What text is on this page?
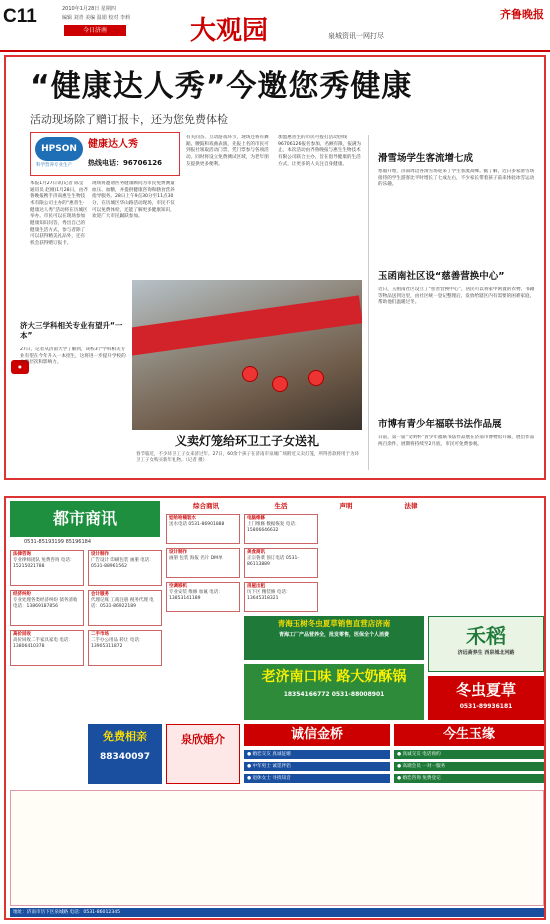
C11	2010年1月28日 星期四
编辑 刘青 美编 温娟 校对 李莉
今日济南	大观园	泉城资讯一网打尽
齐鲁晚报
“健康达人秀”今邀您秀健康
活动现场除了赠订报卡，还为您免费体检
HPSON
科学营养专业生产
健康达人秀
热线电话：96706126
本报1月27日讯(记者 陈莹 通讯员 赵刚)1月28日，由齐鲁晚报携手济南惠生生物技术有限公司主办的“惠普生·健康达人秀”活动将在历城区举办。市民可以在现场参加健康知识问答，秀出自己的健康生活方式，参与者除了可以获得精美礼品外，还有机会获得赠订报卡。
现场将邀请医务健康顾问为市民免费测量血压、血糖，并提供健康咨询和膳食营养指导服务。28日上午9点30分至11点30分，在历城区华山路活动现场，市民不仅可以免费体检，还能了解更多健康知识，欢迎广大市民踊跃参加。
有关问答、互动游戏环节，现场还将有舞蹈、腰鼓和戏曲表演，先报上名的市民可到报社领取活动门票，凭门票参与各项活动。同时将设立免费测试区域，为老年朋友提供更多便利。
加盟惠普生的市民可拨打活动热线96706126报名参加，名额有限，报满为止。本次活动由齐鲁晚报与惠生生物技术有限公司联合主办，旨在倡导健康的生活方式，让更多的人关注自身健康。
滑雪场学生客流增七成
寒假开始，济南周边各滑雪场迎来了学生客流高峰。据了解，近日多家滑雪场接待的学生游客比平时增长了七成左右，不少家长带着孩子前来体验冰雪运动的乐趣。
玉函南社区设“慈善营换中心”
近日，玉函南社区设立了“慈善营换中心”，居民可以将家中闲置的衣物、书籍等物品送到这里，由社区统一登记整理后，发放给辖区内有需要的困难家庭，帮助他们温暖过冬。
市博有青少年福联书法作品展
日前，第一届“文明杯”青少年福联书法作品展在济南市博物馆开幕，展出作品两百余件，展期将持续至2月底，市民可免费参观。
●
济大三学科相关专业有望升“一本”
27日，记者从济南大学了解到，该校3个学科相关专业有望在今年升入一本招生，这将进一步提升学校的办学层次和影响力。
义卖灯笼给环卫工子女送礼
春节临近，不少环卫工子女来济过年。27日，60余个孩子在济南市泉城广场附近义卖灯笼，所得善款将用于为环卫工子女购买新年礼物。（记者 摄）
都市商讯
0531-85193199 85196184
综合商讯	生活	声明	法律
法律咨询
专业律师团队 免费咨询 电话：15215021788
设计制作
广告设计 印刷包装 画册 电话：0531-88961562
经济纠纷
专业处理各类经济纠纷 债务清收 电话：13869187856
会计服务
代理记账 工商注册 税务代理 电话：0531-86922189
高价回收
高价回收二手家具家电 电话：13806410378
二手市场
二手办公用品 转让 电话：13905311872
娃哈哈桶装水
送水电话 0531-86901888
设计制作
画册 包装 海报 名片 DM单
空调移机
专业安装 维修 加氟 电话：13853141189
电脑维修
上门维修 数据恢复 电话：15806646632
美食商讯
正宗鲁菜 预订电话 0531-86113889
房屋出租
历下区 精装修 电话：13645318321
青海玉树冬虫夏草销售直营店济南
青海工厂产品营养全，批发零售，医保全个人消费
老济南口味 路大奶酥锅
18354166772 0531-88008901
禾稻
济远斋养生 西泉城北河路
冬虫夏草
0531-89936181
免费相亲
88340097
泉欣婚介	诚信金桥	今生玉缘
● 婚恋交友 真诚征婚
● 中年男士 诚觅伴侣
● 退休女士 寻找知音
● 真诚交友 电话预约
● 高端会员 一对一服务
● 婚恋咨询 免费登记
地址：济南市历下区泉城路 电话：0531-86012345
